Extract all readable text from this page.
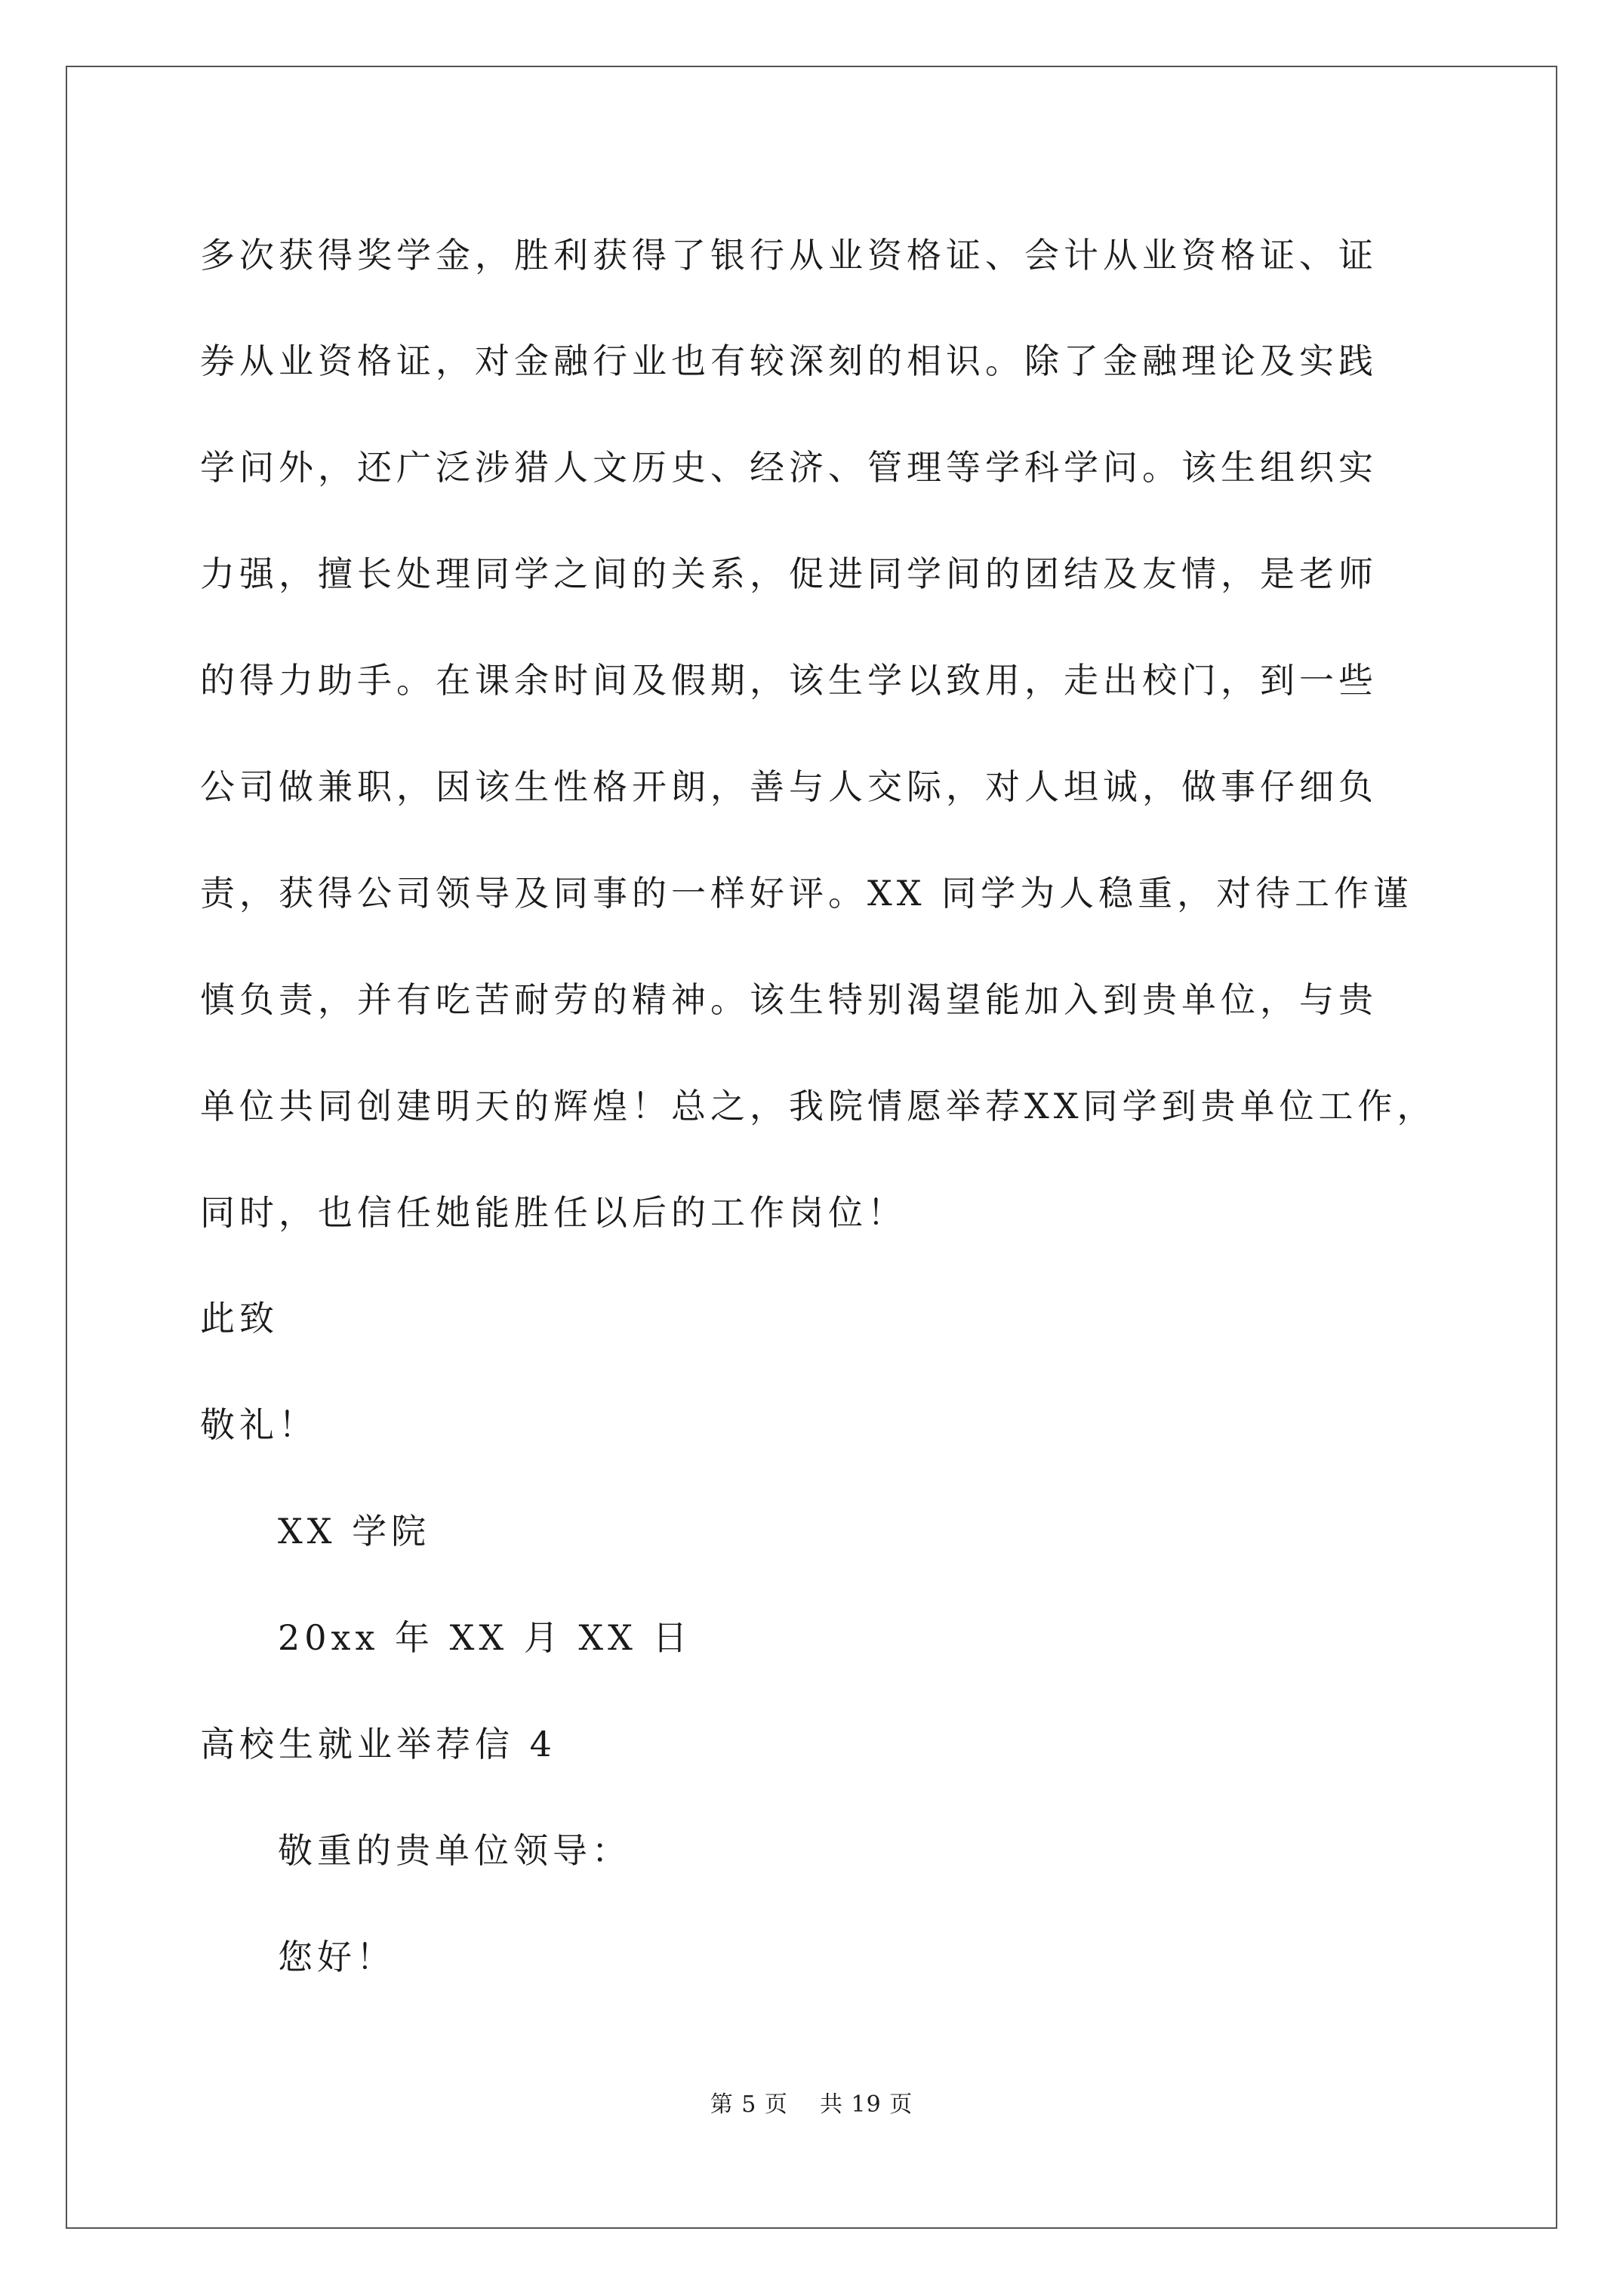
多次获得奖学金，胜利获得了银行从业资格证、会计从业资格证、证
券从业资格证，对金融行业也有较深刻的相识。除了金融理论及实践
学问外，还广泛涉猎人文历史、经济、管理等学科学问。该生组织实
力强，擅长处理同学之间的关系，促进同学间的团结及友情，是老师
的得力助手。在课余时间及假期，该生学以致用，走出校门，到一些
公司做兼职，因该生性格开朗，善与人交际，对人坦诚，做事仔细负
责，获得公司领导及同事的一样好评。XX 同学为人稳重，对待工作谨
慎负责，并有吃苦耐劳的精神。该生特别渴望能加入到贵单位，与贵
单位共同创建明天的辉煌！总之，我院情愿举荐XX同学到贵单位工作，
同时，也信任她能胜任以后的工作岗位！
此致
敬礼！
XX 学院
20xx 年 XX 月 XX 日
高校生就业举荐信 4
敬重的贵单位领导：
您好！
第 5 页    共 19 页
